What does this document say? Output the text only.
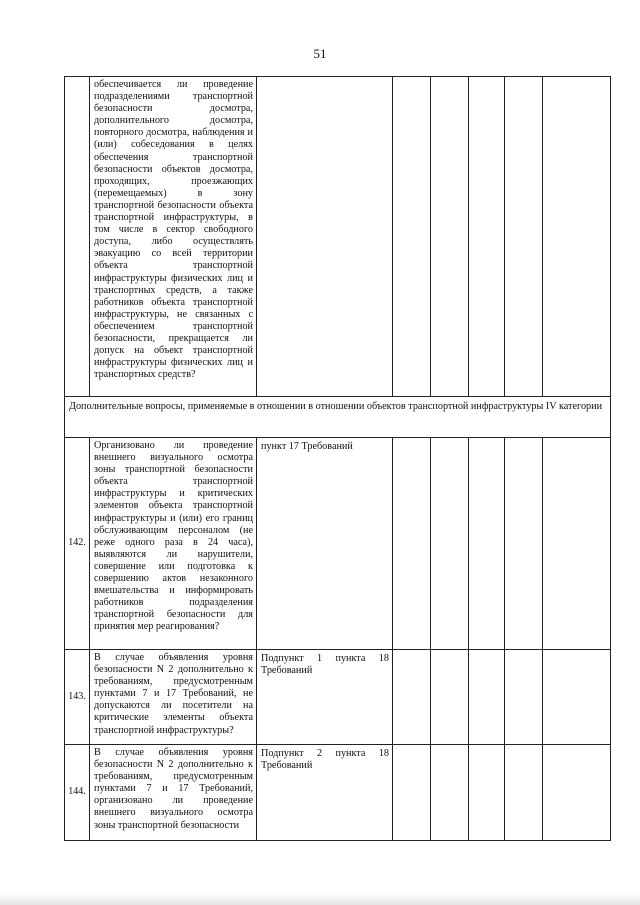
51
	обеспечивается ли проведение подразделениями транспортной безопасности досмотра, дополнительного досмотра, повторного досмотра, наблюдения и (или) собеседования в целях обеспечения транспортной безопасности объектов досмотра, проходящих, проезжающих (перемещаемых) в зону транспортной безопасности объекта транспортной инфраструктуры, в том числе в сектор свободного доступа, либо осуществлять эвакуацию со всей территории объекта транспортной инфраструктуры физических лиц и транспортных средств, а также работников объекта транспортной инфраструктуры, не связанных с обеспечением транспортной безопасности, прекращается ли допуск на объект транспортной инфраструктуры физических лиц и транспортных средств?						
Дополнительные вопросы, применяемые в отношении в отношении объектов транспортной инфраструктуры IV категории							
142.	Организовано ли проведение внешнего визуального осмотра зоны транспортной безопасности объекта транспортной инфраструктуры и критических элементов объекта транспортной инфраструктуры и (или) его границ обслуживающим персоналом (не реже одного раза в 24 часа), выявляются ли нарушители, совершение или подготовка к совершению актов незаконного вмешательства и информировать работников подразделения транспортной безопасности для принятия мер реагирования?	пункт 17 Требований					
143.	В случае объявления уровня безопасности N 2 дополнительно к требованиям, предусмотренным пунктами 7 и 17 Требований, не допускаются ли посетители на критические элементы объекта транспортной инфраструктуры?	Подпункт 1 пункта 18 Требований					
144.	В случае объявления уровня безопасности N 2 дополнительно к требованиям, предусмотренным пунктами 7 и 17 Требований, организовано ли проведение внешнего визуального осмотра зоны транспортной безопасности	Подпункт 2 пункта 18 Требований					
